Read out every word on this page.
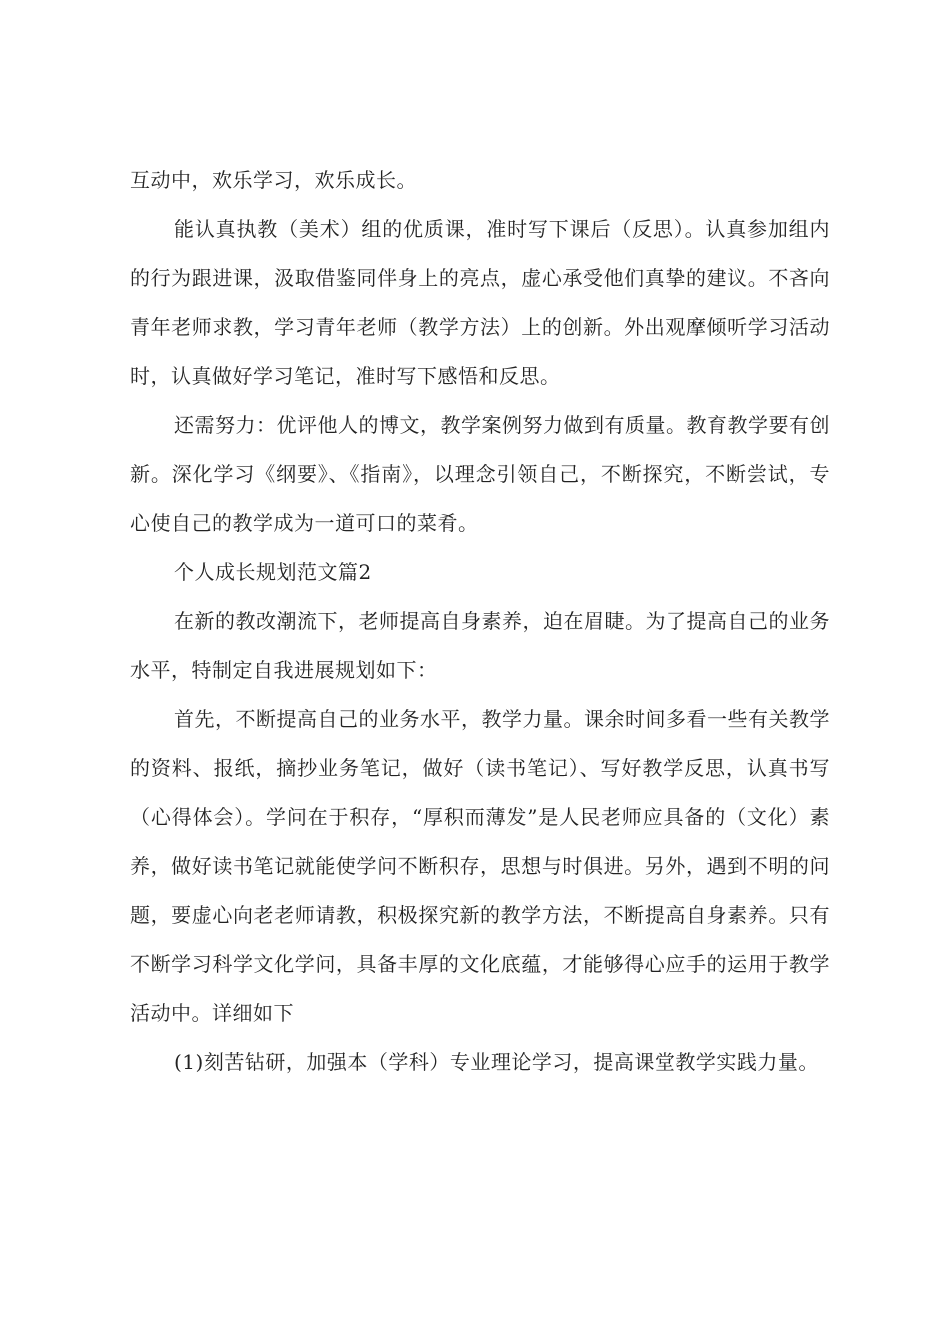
互动中，欢乐学习，欢乐成长。

能认真执教（美术）组的优质课，准时写下课后（反思）。认真参加组内的行为跟进课，汲取借鉴同伴身上的亮点，虚心承受他们真挚的建议。不吝向青年老师求教，学习青年老师（教学方法）上的创新。外出观摩倾听学习活动时，认真做好学习笔记，准时写下感悟和反思。

还需努力：优评他人的博文，教学案例努力做到有质量。教育教学要有创新。深化学习《纲要》、《指南》，以理念引领自己，不断探究，不断尝试，专心使自己的教学成为一道可口的菜肴。

个人成长规划范文篇2

在新的教改潮流下，老师提高自身素养，迫在眉睫。为了提高自己的业务水平，特制定自我进展规划如下：

首先，不断提高自己的业务水平，教学力量。课余时间多看一些有关教学的资料、报纸，摘抄业务笔记，做好（读书笔记）、写好教学反思，认真书写（心得体会）。学问在于积存，“厚积而薄发”是人民老师应具备的（文化）素养，做好读书笔记就能使学问不断积存，思想与时俱进。另外，遇到不明的问题，要虚心向老老师请教，积极探究新的教学方法，不断提高自身素养。只有不断学习科学文化学问，具备丰厚的文化底蕴，才能够得心应手的运用于教学活动中。详细如下

(1)刻苦钻研，加强本（学科）专业理论学习，提高课堂教学实践力量。
